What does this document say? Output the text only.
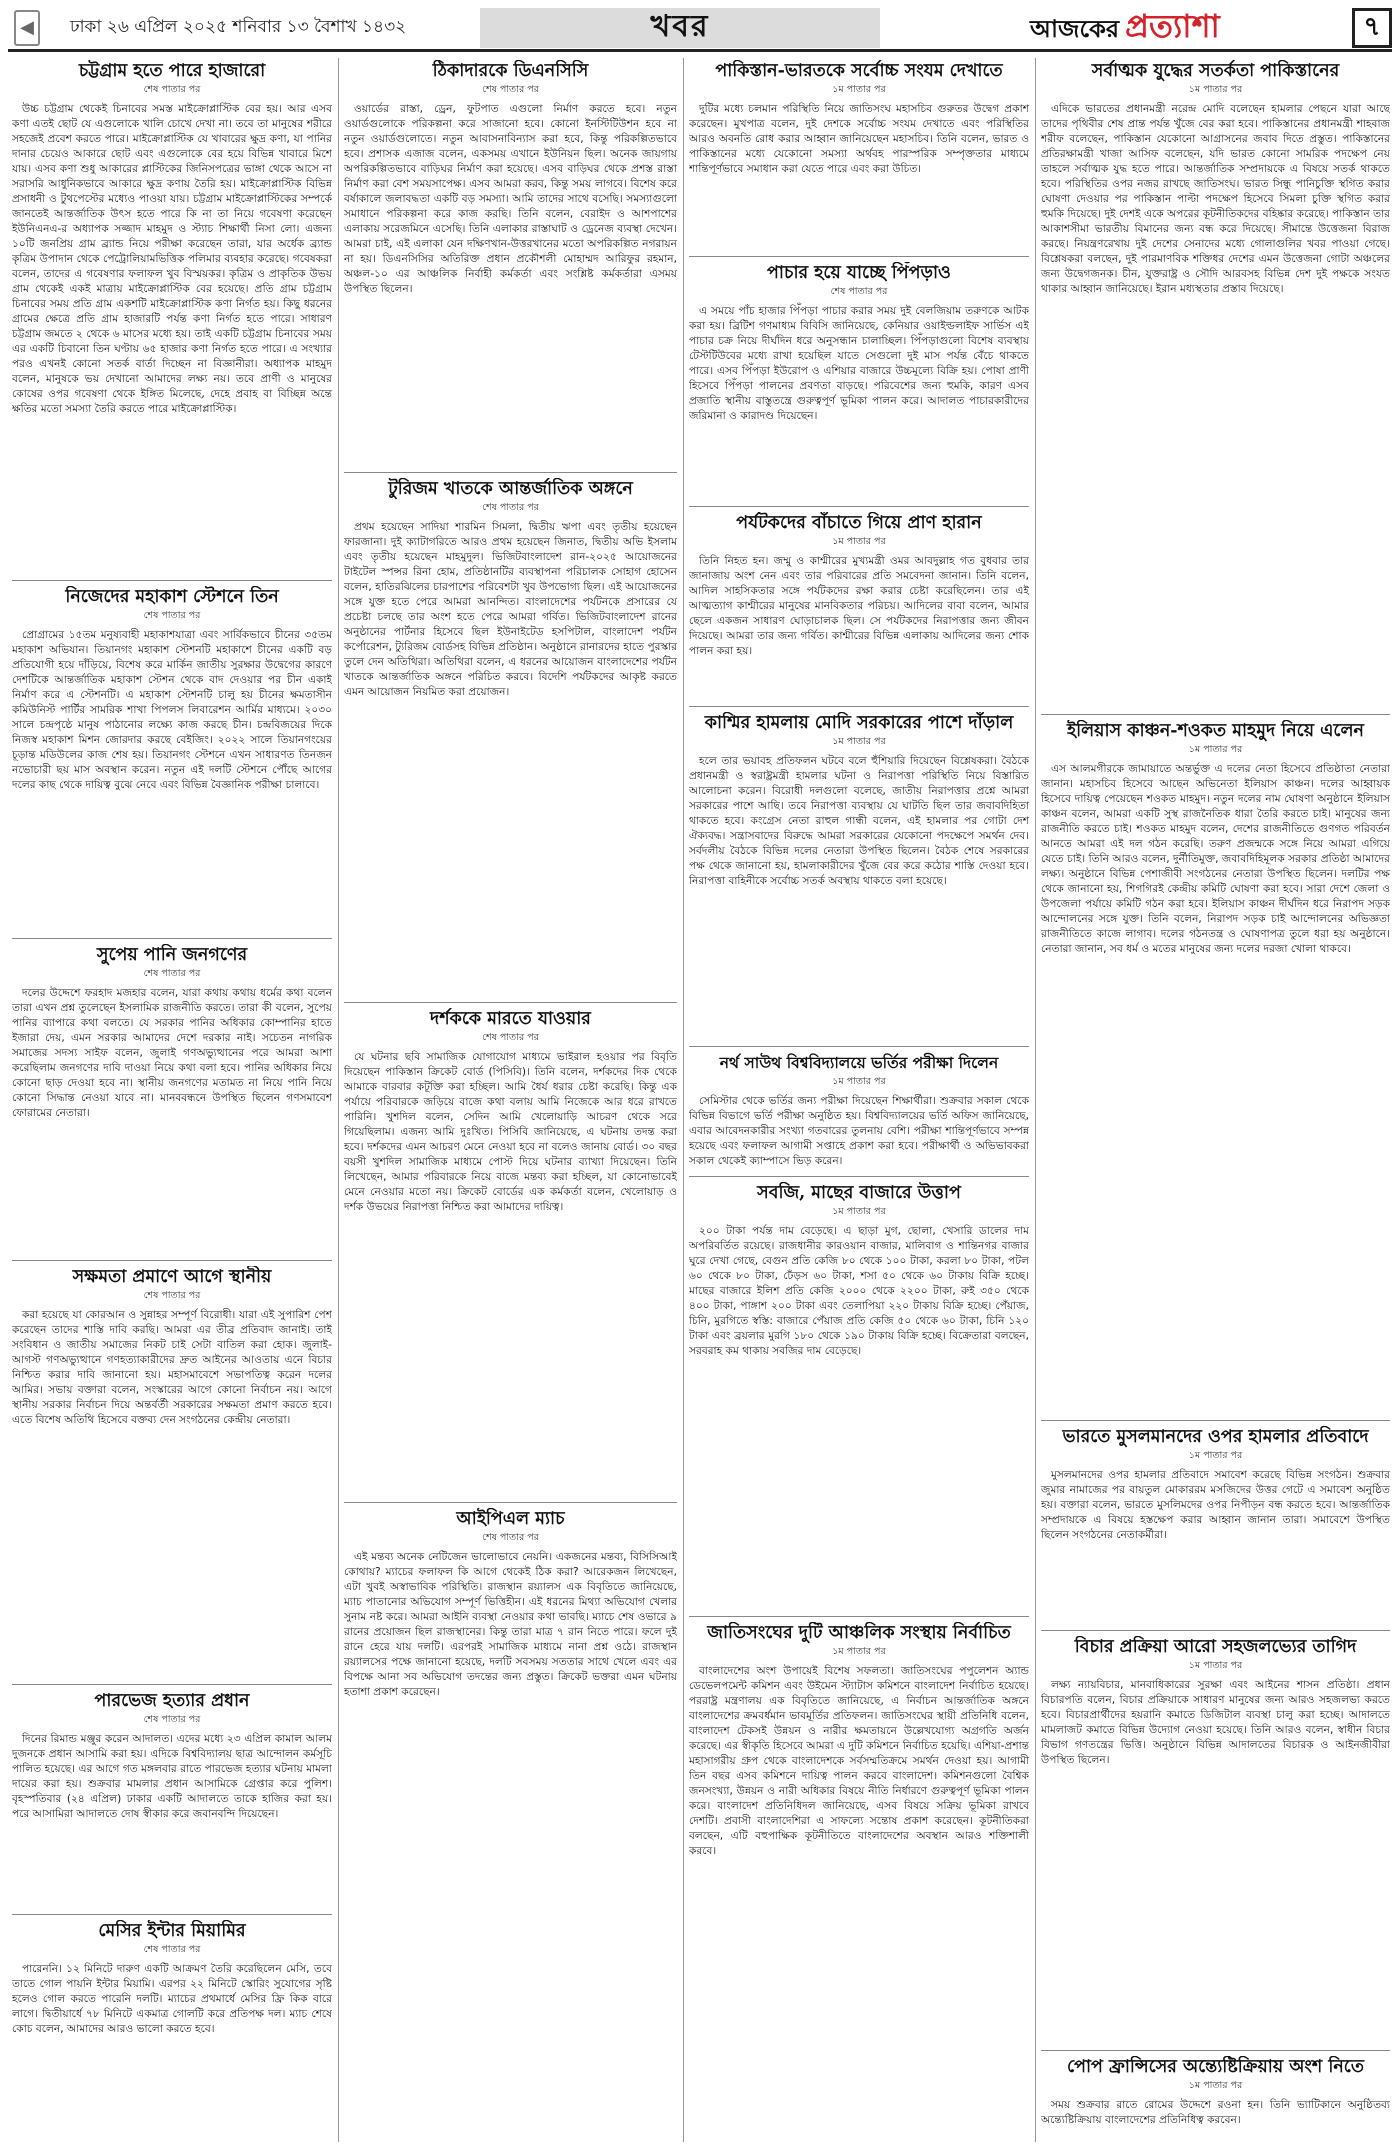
◀	ঢাকা ২৬ এপ্রিল ২০২৫ শনিবার ১৩ বৈশাখ ১৪৩২	খবর	আজকের প্রত্যাশা	৭
চট্টগ্রাম হতে পারে হাজারো
শেষ পাতার পর

উচ্চ চট্টগ্রাম থেকেই চিনাবের সমস্ত মাইক্রোপ্লাস্টিক বের হয়। আর এসব কণা এতই ছোট যে এগুলোকে খালি চোখে দেখা না। তবে তা মানুষের শরীরে সহজেই প্রবেশ করতে পারে। মাইক্রোপ্লাস্টিক যে খাবারের ক্ষুদ্র কণা, যা পানির দানার চেয়েও আকারে ছোট এবং এগুলোকে বের হয়ে বিভিন্ন খাবারে মিশে যায়। এসব কণা শুধু আকারের প্লাস্টিকের জিনিসপত্রের ভাঙ্গা থেকে আসে না সরাসরি আধুনিকভাবে আকারে ক্ষুদ্র কণায় তৈরি হয়। মাইক্রোপ্লাস্টিক বিভিন্ন প্রসাধনী ও টুথপেস্টের মধ্যেও পাওয়া যায়। চট্টগ্রাম মাইক্রোপ্লাস্টিকের সম্পর্কে জানতেই আন্তর্জাতিক উৎস হতে পারে কি না তা নিয়ে গবেষণা করেছেন ইউনিএনএ-র অধ্যাপক সজ্জাদ মাহমুদ ও স্ট্যাচ শিক্ষার্থী নিসা লো। এজন্য ১০টি জনপ্রিয় গ্রাম ব্র্যান্ড নিয়ে পরীক্ষা করেছেন তারা, যার অর্ধেক ব্র্যান্ড কৃত্রিম উপাদান থেকে পেট্রোলিয়ামভিত্তিক পলিমার ব্যবহার করেছে। গবেষকরা বলেন, তাদের এ গবেষণার ফলাফল খুব বিস্ময়কর। কৃত্রিম ও প্রাকৃতিক উভয় গ্রাম থেকেই একই মাত্রায় মাইক্রোপ্লাস্টিক বের হয়েছে। প্রতি গ্রাম চট্টগ্রাম চিনাবের সময় প্রতি গ্রাম একশটি মাইক্রোপ্লাস্টিক কণা নির্গত হয়। কিছু ধরনের গ্রামের ক্ষেত্রে প্রতি গ্রাম হাজারটি পর্যন্ত কণা নির্গত হতে পারে। সাধারণ চট্টগ্রাম জমতে ২ থেকে ৬ মাসের মধ্যে হয়। তাই একটি চট্টগ্রাম চিনাবের সময় এর একটি চিবানো তিন ঘণ্টায় ৬৫ হাজার কণা নির্গত হতে পারে। এ সংখ্যার পরও এখনই কোনো সতর্ক বার্তা দিচ্ছেন না বিজ্ঞানীরা। অধ্যাপক মাহমুদ বলেন, মানুষকে ভয় দেখানো আমাদের লক্ষ্য নয়। তবে প্রাণী ও মানুষের কোষের ওপর গবেষণা থেকে ইঙ্গিত মিলেছে, দেহে প্রবাহ বা বিচ্ছিন্ন অন্তে ক্ষতির মতো সমস্যা তৈরি করতে পারে মাইক্রোপ্লাস্টিক।

নিজেদের মহাকাশ স্টেশনে তিন
শেষ পাতার পর

প্রোগ্রামের ১৫তম মনুষ্যবাহী মহাকাশযাত্রা এবং সার্বিকভাবে চীনের ৩৫তম মহাকাশ অভিযান। তিয়ানগং মহাকাশ স্টেশনটি মহাকাশে চীনের একটি বড় প্রতিযোগী হয়ে দাঁড়িয়ে, বিশেষ করে মার্কিন জাতীয় সুরক্ষার উদ্বেগের কারণে দেশটিকে আন্তর্জাতিক মহাকাশ স্টেশন থেকে বাদ দেওয়ার পর চীন একাই নির্মাণ করে এ স্টেশনটি। এ মহাকাশ স্টেশনটি চালু হয় চীনের ক্ষমতাসীন কমিউনিস্ট পার্টির সামরিক শাখা পিপলস লিবারেশন আর্মির মাধ্যমে। ২০৩০ সালে চন্দ্রপৃষ্ঠে মানুষ পাঠানোর লক্ষ্যে কাজ করছে চীন। চন্দ্রবিজয়ের দিকে নিজস্ব মহাকাশ মিশন জোরদার করছে বেইজিং। ২০২২ সালে তিয়ানগংয়ের চূড়ান্ত মডিউলের কাজ শেষ হয়। তিয়ানগং স্টেশনে এখন সাধারণত তিনজন নভোচারী ছয় মাস অবস্থান করেন। নতুন এই দলটি স্টেশনে পৌঁছে আগের দলের কাছ থেকে দায়িত্ব বুঝে নেবে এবং বিভিন্ন বৈজ্ঞানিক পরীক্ষা চালাবে।

সুপেয় পানি জনগণের
শেষ পাতার পর

দলের উদ্দেশে ফরহাদ মজহার বলেন, যারা কথায় কথায় ধর্মের কথা বলেন তারা এখন প্রশ্ন তুলেছেন ইসলামিক রাজনীতি করতে। তারা কী বলেন, সুপেয় পানির ব্যাপারে কথা বলতে। যে সরকার পানির অধিকার কোম্পানির হাতে ইজারা দেয়, এমন সরকার আমাদের দেশে দরকার নাই। সচেতন নাগরিক সমাজের সদস্য সাইফ বলেন, জুলাই গণঅভ্যুত্থানের পরে আমরা আশা করেছিলাম জনগণের দাবি দাওয়া নিয়ে কথা বলা হবে। পানির অধিকার নিয়ে কোনো ছাড় দেওয়া হবে না। স্থানীয় জনগণের মতামত না নিয়ে পানি নিয়ে কোনো সিদ্ধান্ত নেওয়া যাবে না। মানববন্ধনে উপস্থিত ছিলেন গণসমাবেশ ফোরামের নেতারা।

সক্ষমতা প্রমাণে আগে স্থানীয়
শেষ পাতার পর

করা হয়েছে যা কোরআন ও সুন্নাহর সম্পূর্ণ বিরোধী। যারা এই সুপারিশ পেশ করেছেন তাদের শাস্তি দাবি করছি। আমরা এর তীব্র প্রতিবাদ জানাই। তাই সংবিধান ও জাতীয় সমাজের নিকট চাই সেটা বাতিল করা হোক। জুলাই-আগস্ট গণঅভ্যুত্থানে গণহত্যাকারীদের দ্রুত আইনের আওতায় এনে বিচার নিশ্চিত করার দাবি জানানো হয়। মহাসমাবেশে সভাপতিত্ব করেন দলের আমির। সভায় বক্তারা বলেন, সংস্কারের আগে কোনো নির্বাচন নয়। আগে স্থানীয় সরকার নির্বাচন দিয়ে অন্তর্বর্তী সরকারের সক্ষমতা প্রমাণ করতে হবে। এতে বিশেষ অতিথি হিসেবে বক্তব্য দেন সংগঠনের কেন্দ্রীয় নেতারা।

পারভেজ হত্যার প্রধান
শেষ পাতার পর

দিনের রিমান্ড মঞ্জুর করেন আদালত। এদের মধ্যে ২৩ এপ্রিল কামাল আলম দুজনকে প্রধান আসামি করা হয়। এদিকে বিশ্ববিদ্যালয় ছাত্র আন্দোলন কর্মসূচি পালিত হয়েছে। এর আগে গত মঙ্গলবার রাতে পারভেজ হত্যার ঘটনায় মামলা দায়ের করা হয়। শুক্রবার মামলার প্রধান আসামিকে গ্রেপ্তার করে পুলিশ। বৃহস্পতিবার (২৪ এপ্রিল) ঢাকার একটি আদালতে তাকে হাজির করা হয়। পরে আসামিরা আদালতে দোষ স্বীকার করে জবানবন্দি দিয়েছেন।

মেসির ইন্টার মিয়ামির
শেষ পাতার পর

পারেননি। ১২ মিনিটে দারুণ একটি আক্রমণ তৈরি করেছিলেন মেসি, তবে তাতে গোল পায়নি ইন্টার মিয়ামি। এরপর ২২ মিনিটে স্কোরিং সুযোগের সৃষ্টি হলেও গোল করতে পারেনি দলটি। ম্যাচের প্রথমার্ধে মেসির ফ্রি কিক বারে লাগে। দ্বিতীয়ার্ধে ৭৮ মিনিটে একমাত্র গোলটি করে প্রতিপক্ষ দল। ম্যাচ শেষে কোচ বলেন, আমাদের আরও ভালো করতে হবে।

ঠিকাদারকে ডিএনসিসি
শেষ পাতার পর

ওয়ার্ডের রাস্তা, ড্রেন, ফুটপাত এগুলো নির্মাণ করতে হবে। নতুন ওয়ার্ডগুলোকে পরিকল্পনা করে সাজানো হবে। কোনো ইনস্টিটিউশন হবে না নতুন ওয়ার্ডগুলোতে। নতুন আবাসনাবিন্যাস করা হবে, কিন্তু পরিকল্পিতভাবে হবে। প্রশাসক এজাজ বলেন, একসময় এখানে ইউনিয়ন ছিল। অনেক জায়গায় অপরিকল্পিতভাবে বাড়িঘর নির্মাণ করা হয়েছে। এসব বাড়িঘর থেকে প্রশস্ত রাস্তা নির্মাণ করা বেশ সময়সাপেক্ষ। এসব আমরা করব, কিন্তু সময় লাগবে। বিশেষ করে বর্ষাকালে জলাবদ্ধতা একটি বড় সমস্যা। আমি তাদের সাথে বসেছি। সমস্যাগুলো সমাধানে পরিকল্পনা করে কাজ করছি। তিনি বলেন, বেরাইদ ও আশপাশের এলাকায় সরেজমিনে এসেছি। তিনি এলাকার রাস্তাঘাট ও ড্রেনেজ ব্যবস্থা দেখেন। আমরা চাই, এই এলাকা যেন দক্ষিণখান-উত্তরখানের মতো অপরিকল্পিত নগরায়ন না হয়। ডিএনসিসির অতিরিক্ত প্রধান প্রকৌশলী মোহাম্মদ আরিফুর রহমান, অঞ্চল-১০ এর আঞ্চলিক নির্বাহী কর্মকর্তা এবং সংশ্লিষ্ট কর্মকর্তারা এসময় উপস্থিত ছিলেন।

টুরিজম খাতকে আন্তর্জাতিক অঙ্গনে
শেষ পাতার পর

প্রথম হয়েছেন সাদিয়া শারমিন সিমলা, দ্বিতীয় ঋপা এবং তৃতীয় হয়েছেন ফারজানা। দুই ক্যাটাগরিতে আরও প্রথম হয়েছেন জিনাত, দ্বিতীয় অভি ইসলাম এবং তৃতীয় হয়েছেন মাহমুদুল। ভিজিটবাংলাদেশ রান-২০২৫ আয়োজনের টাইটেল স্পন্সর রিনা হোম, প্রতিষ্ঠানটির ব্যবস্থাপনা পরিচালক সোহাগ হোসেন বলেন, হাতিরঝিলের চারপাশের পরিবেশটা খুব উপভোগ্য ছিল। এই আয়োজনের সঙ্গে যুক্ত হতে পেরে আমরা আনন্দিত। বাংলাদেশের পর্যটনকে প্রসারের যে প্রচেষ্টা চলছে তার অংশ হতে পেরে আমরা গর্বিত। ভিজিটবাংলাদেশ রানের অনুষ্ঠানের পার্টনার হিসেবে ছিল ইউনাইটেড হসপিটাল, বাংলাদেশ পর্যটন কর্পোরেশন, ট্যুরিজম বোর্ডসহ বিভিন্ন প্রতিষ্ঠান। অনুষ্ঠানে রানারদের হাতে পুরস্কার তুলে দেন অতিথিরা। অতিথিরা বলেন, এ ধরনের আয়োজন বাংলাদেশের পর্যটন খাতকে আন্তর্জাতিক অঙ্গনে পরিচিত করবে। বিদেশি পর্যটকদের আকৃষ্ট করতে এমন আয়োজন নিয়মিত করা প্রয়োজন।

দর্শককে মারতে যাওয়ার
শেষ পাতার পর

যে ঘটনার ছবি সামাজিক যোগাযোগ মাধ্যমে ভাইরাল হওয়ার পর বিবৃতি দিয়েছেন পাকিস্তান ক্রিকেট বোর্ড (পিসিবি)। তিনি বলেন, দর্শকদের দিক থেকে আমাকে বারবার কটূক্তি করা হচ্ছিল। আমি ধৈর্য ধরার চেষ্টা করেছি। কিন্তু এক পর্যায়ে পরিবারকে জড়িয়ে বাজে কথা বলায় আমি নিজেকে আর ধরে রাখতে পারিনি। খুশদিল বলেন, সেদিন আমি খেলোয়াড়ি আচরণ থেকে সরে গিয়েছিলাম। এজন্য আমি দুঃখিত। পিসিবি জানিয়েছে, এ ঘটনায় তদন্ত করা হবে। দর্শকদের এমন আচরণ মেনে নেওয়া হবে না বলেও জানায় বোর্ড। ৩০ বছর বয়সী খুশদিল সামাজিক মাধ্যমে পোস্ট দিয়ে ঘটনার ব্যাখ্যা দিয়েছেন। তিনি লিখেছেন, আমার পরিবারকে নিয়ে বাজে মন্তব্য করা হচ্ছিল, যা কোনোভাবেই মেনে নেওয়ার মতো নয়। ক্রিকেট বোর্ডের এক কর্মকর্তা বলেন, খেলোয়াড় ও দর্শক উভয়ের নিরাপত্তা নিশ্চিত করা আমাদের দায়িত্ব।

আইপিএল ম্যাচ
শেষ পাতার পর

এই মন্তব্য অনেক নেটিজেন ভালোভাবে নেয়নি। একজনের মন্তব্য, বিসিসিআই কোথায়? ম্যাচের ফলাফল কি আগে থেকেই ঠিক করা? আরেকজন লিখেছেন, এটা খুবই অস্বাভাবিক পরিস্থিতি। রাজস্থান রয়্যালস এক বিবৃতিতে জানিয়েছে, ম্যাচ পাতানোর অভিযোগ সম্পূর্ণ ভিত্তিহীন। এই ধরনের মিথ্যা অভিযোগ খেলার সুনাম নষ্ট করে। আমরা আইনি ব্যবস্থা নেওয়ার কথা ভাবছি। ম্যাচে শেষ ওভারে ৯ রানের প্রয়োজন ছিল রাজস্থানের। কিন্তু তারা মাত্র ৭ রান নিতে পারে। ফলে দুই রানে হেরে যায় দলটি। এরপরই সামাজিক মাধ্যমে নানা প্রশ্ন ওঠে। রাজস্থান রয়্যালসের পক্ষে জানানো হয়েছে, দলটি সবসময় সততার সাথে খেলে এবং এর বিপক্ষে আনা সব অভিযোগ তদন্তের জন্য প্রস্তুত। ক্রিকেট ভক্তরা এমন ঘটনায় হতাশা প্রকাশ করেছেন।

পাকিস্তান-ভারতকে সর্বোচ্চ সংযম দেখাতে
১ম পাতার পর

দুটির মধ্যে চলমান পরিস্থিতি নিয়ে জাতিসংঘ মহাসচিব গুরুতর উদ্বেগ প্রকাশ করেছেন। মুখপাত্র বলেন, দুই দেশকে সর্বোচ্চ সংযম দেখাতে এবং পরিস্থিতির আরও অবনতি রোধ করার আহ্বান জানিয়েছেন মহাসচিব। তিনি বলেন, ভারত ও পাকিস্তানের মধ্যে যেকোনো সমস্যা অর্থবহ পারস্পরিক সম্পৃক্ততার মাধ্যমে শান্তিপূর্ণভাবে সমাধান করা যেতে পারে এবং করা উচিত।

পাচার হয়ে যাচ্ছে পিঁপড়াও
শেষ পাতার পর

এ সময়ে পাঁচ হাজার পিঁপড়া পাচার করার সময় দুই বেলজিয়াম তরুণকে আটক করা হয়। ব্রিটিশ গণমাধ্যম বিবিসি জানিয়েছে, কেনিয়ার ওয়াইল্ডলাইফ সার্ভিস এই পাচার চক্র নিয়ে দীর্ঘদিন ধরে অনুসন্ধান চালাচ্ছিল। পিঁপড়াগুলো বিশেষ ব্যবস্থায় টেস্টটিউবের মধ্যে রাখা হয়েছিল যাতে সেগুলো দুই মাস পর্যন্ত বেঁচে থাকতে পারে। এসব পিঁপড়া ইউরোপ ও এশিয়ার বাজারে উচ্চমূল্যে বিক্রি হয়। পোষা প্রাণী হিসেবে পিঁপড়া পালনের প্রবণতা বাড়ছে। পরিবেশের জন্য হুমকি, কারণ এসব প্রজাতি স্থানীয় বাস্তুতন্ত্রে গুরুত্বপূর্ণ ভূমিকা পালন করে। আদালত পাচারকারীদের জরিমানা ও কারাদণ্ড দিয়েছেন।

পর্যটকদের বাঁচাতে গিয়ে প্রাণ হারান
১ম পাতার পর

তিনি নিহত হন। জম্মু ও কাশ্মীরের মুখ্যমন্ত্রী ওমর আবদুল্লাহ গত বুধবার তার জানাজায় অংশ নেন এবং তার পরিবারের প্রতি সমবেদনা জানান। তিনি বলেন, আদিল সাহসিকতার সঙ্গে পর্যটকদের রক্ষা করার চেষ্টা করেছিলেন। তার এই আত্মত্যাগ কাশ্মীরের মানুষের মানবিকতার পরিচয়। আদিলের বাবা বলেন, আমার ছেলে একজন সাধারণ ঘোড়াচালক ছিল। সে পর্যটকদের নিরাপত্তার জন্য জীবন দিয়েছে। আমরা তার জন্য গর্বিত। কাশ্মীরের বিভিন্ন এলাকায় আদিলের জন্য শোক পালন করা হয়।

কাশ্মির হামলায় মোদি সরকারের পাশে দাঁড়াল
১ম পাতার পর

হলে তার ভয়াবহ প্রতিফলন ঘটবে বলে হুঁশিয়ারি দিয়েছেন বিশ্লেষকরা। বৈঠকে প্রধানমন্ত্রী ও স্বরাষ্ট্রমন্ত্রী হামলার ঘটনা ও নিরাপত্তা পরিস্থিতি নিয়ে বিস্তারিত আলোচনা করেন। বিরোধী দলগুলো বলেছে, জাতীয় নিরাপত্তার প্রশ্নে আমরা সরকারের পাশে আছি। তবে নিরাপত্তা ব্যবস্থায় যে ঘাটতি ছিল তার জবাবদিহিতা থাকতে হবে। কংগ্রেস নেতা রাহুল গান্ধী বলেন, এই হামলার পর গোটা দেশ ঐক্যবদ্ধ। সন্ত্রাসবাদের বিরুদ্ধে আমরা সরকারের যেকোনো পদক্ষেপে সমর্থন দেব। সর্বদলীয় বৈঠকে বিভিন্ন দলের নেতারা উপস্থিত ছিলেন। বৈঠক শেষে সরকারের পক্ষ থেকে জানানো হয়, হামলাকারীদের খুঁজে বের করে কঠোর শাস্তি দেওয়া হবে। নিরাপত্তা বাহিনীকে সর্বোচ্চ সতর্ক অবস্থায় থাকতে বলা হয়েছে।

নর্থ সাউথ বিশ্ববিদ্যালয়ে ভর্তির পরীক্ষা দিলেন
১ম পাতার পর

সেমিস্টার থেকে ভর্তির জন্য পরীক্ষা দিয়েছেন শিক্ষার্থীরা। শুক্রবার সকাল থেকে বিভিন্ন বিভাগে ভর্তি পরীক্ষা অনুষ্ঠিত হয়। বিশ্ববিদ্যালয়ের ভর্তি অফিস জানিয়েছে, এবার আবেদনকারীর সংখ্যা গতবারের তুলনায় বেশি। পরীক্ষা শান্তিপূর্ণভাবে সম্পন্ন হয়েছে এবং ফলাফল আগামী সপ্তাহে প্রকাশ করা হবে। পরীক্ষার্থী ও অভিভাবকরা সকাল থেকেই ক্যাম্পাসে ভিড় করেন।

সবজি, মাছের বাজারে উত্তাপ
১ম পাতার পর

২০০ টাকা পর্যন্ত দাম বেড়েছে। এ ছাড়া মুগ, ছোলা, খেসারি ডালের দাম অপরিবর্তিত রয়েছে। রাজধানীর কারওয়ান বাজার, মালিবাগ ও শান্তিনগর বাজার ঘুরে দেখা গেছে, বেগুন প্রতি কেজি ৮০ থেকে ১০০ টাকা, করলা ৮০ টাকা, পটল ৬০ থেকে ৮০ টাকা, ঢেঁড়স ৬০ টাকা, শসা ৫০ থেকে ৬০ টাকায় বিক্রি হচ্ছে। মাছের বাজারে ইলিশ প্রতি কেজি ২০০০ থেকে ২২০০ টাকা, রুই ৩৫০ থেকে ৪০০ টাকা, পাঙ্গাশ ২০০ টাকা এবং তেলাপিয়া ২২০ টাকায় বিক্রি হচ্ছে। পেঁয়াজ, চিনি, মুরগিতে স্বস্তি: বাজারে পেঁয়াজ প্রতি কেজি ৫০ থেকে ৬০ টাকা, চিনি ১২০ টাকা এবং ব্রয়লার মুরগি ১৮০ থেকে ১৯০ টাকায় বিক্রি হচ্ছে। বিক্রেতারা বলছেন, সরবরাহ কম থাকায় সবজির দাম বেড়েছে।

জাতিসংঘের দুটি আঞ্চলিক সংস্থায় নির্বাচিত
১ম পাতার পর

বাংলাদেশের অংশ উপায়েই বিশেষ সফলতা। জাতিসংঘের পপুলেশন অ্যান্ড ডেভেলপমেন্ট কমিশন এবং উইমেন স্ট্যাটাস কমিশনে বাংলাদেশ নির্বাচিত হয়েছে। পররাষ্ট্র মন্ত্রণালয় এক বিবৃতিতে জানিয়েছে, এ নির্বাচন আন্তর্জাতিক অঙ্গনে বাংলাদেশের ক্রমবর্ধমান ভাবমূর্তির প্রতিফলন। জাতিসংঘের স্থায়ী প্রতিনিধি বলেন, বাংলাদেশ টেকসই উন্নয়ন ও নারীর ক্ষমতায়নে উল্লেখযোগ্য অগ্রগতি অর্জন করেছে। এর স্বীকৃতি হিসেবে আমরা এ দুটি কমিশনে নির্বাচিত হয়েছি। এশিয়া-প্রশান্ত মহাসাগরীয় গ্রুপ থেকে বাংলাদেশকে সর্বসম্মতিক্রমে সমর্থন দেওয়া হয়। আগামী তিন বছর এসব কমিশনে দায়িত্ব পালন করবে বাংলাদেশ। কমিশনগুলো বৈশ্বিক জনসংখ্যা, উন্নয়ন ও নারী অধিকার বিষয়ে নীতি নির্ধারণে গুরুত্বপূর্ণ ভূমিকা পালন করে। বাংলাদেশ প্রতিনিধিদল জানিয়েছে, এসব বিষয়ে সক্রিয় ভূমিকা রাখবে দেশটি। প্রবাসী বাংলাদেশিরা এ সাফল্যে সন্তোষ প্রকাশ করেছেন। কূটনীতিকরা বলছেন, এটি বহুপাক্ষিক কূটনীতিতে বাংলাদেশের অবস্থান আরও শক্তিশালী করবে।

সর্বাত্মক যুদ্ধের সতর্কতা পাকিস্তানের
১ম পাতার পর

এদিকে ভারতের প্রধানমন্ত্রী নরেন্দ্র মোদি বলেছেন হামলার পেছনে যারা আছে তাদের পৃথিবীর শেষ প্রান্ত পর্যন্ত খুঁজে বের করা হবে। পাকিস্তানের প্রধানমন্ত্রী শাহবাজ শরীফ বলেছেন, পাকিস্তান যেকোনো আগ্রাসনের জবাব দিতে প্রস্তুত। পাকিস্তানের প্রতিরক্ষামন্ত্রী খাজা আসিফ বলেছেন, যদি ভারত কোনো সামরিক পদক্ষেপ নেয় তাহলে সর্বাত্মক যুদ্ধ হতে পারে। আন্তর্জাতিক সম্প্রদায়কে এ বিষয়ে সতর্ক থাকতে হবে। পরিস্থিতির ওপর নজর রাখছে জাতিসংঘ। ভারত সিন্ধু পানিচুক্তি স্থগিত করার ঘোষণা দেওয়ার পর পাকিস্তান পাল্টা পদক্ষেপ হিসেবে সিমলা চুক্তি স্থগিত করার হুমকি দিয়েছে। দুই দেশই একে অপরের কূটনীতিকদের বহিষ্কার করেছে। পাকিস্তান তার আকাশসীমা ভারতীয় বিমানের জন্য বন্ধ করে দিয়েছে। সীমান্তে উত্তেজনা বিরাজ করছে। নিয়ন্ত্রণরেখায় দুই দেশের সেনাদের মধ্যে গোলাগুলির খবর পাওয়া গেছে। বিশ্লেষকরা বলছেন, দুই পারমাণবিক শক্তিধর দেশের এমন উত্তেজনা গোটা অঞ্চলের জন্য উদ্বেগজনক। চীন, যুক্তরাষ্ট্র ও সৌদি আরবসহ বিভিন্ন দেশ দুই পক্ষকে সংযত থাকার আহ্বান জানিয়েছে। ইরান মধ্যস্থতার প্রস্তাব দিয়েছে।

ইলিয়াস কাঞ্চন-শওকত মাহমুদ নিয়ে এলেন
১ম পাতার পর

এস আলমগীরকে জামায়াতে অন্তর্ভুক্ত এ দলের নেতা হিসেবে প্রতিষ্ঠাতা নেতারা জানান। মহাসচিব হিসেবে আছেন অভিনেতা ইলিয়াস কাঞ্চন। দলের আহ্বায়ক হিসেবে দায়িত্ব পেয়েছেন শওকত মাহমুদ। নতুন দলের নাম ঘোষণা অনুষ্ঠানে ইলিয়াস কাঞ্চন বলেন, আমরা একটি সুস্থ রাজনৈতিক ধারা তৈরি করতে চাই। মানুষের জন্য রাজনীতি করতে চাই। শওকত মাহমুদ বলেন, দেশের রাজনীতিতে গুণগত পরিবর্তন আনতে আমরা এই দল গঠন করেছি। তরুণ প্রজন্মকে সঙ্গে নিয়ে আমরা এগিয়ে যেতে চাই। তিনি আরও বলেন, দুর্নীতিমুক্ত, জবাবদিহিমূলক সরকার প্রতিষ্ঠা আমাদের লক্ষ্য। অনুষ্ঠানে বিভিন্ন পেশাজীবী সংগঠনের নেতারা উপস্থিত ছিলেন। দলটির পক্ষ থেকে জানানো হয়, শিগগিরই কেন্দ্রীয় কমিটি ঘোষণা করা হবে। সারা দেশে জেলা ও উপজেলা পর্যায়ে কমিটি গঠন করা হবে। ইলিয়াস কাঞ্চন দীর্ঘদিন ধরে নিরাপদ সড়ক আন্দোলনের সঙ্গে যুক্ত। তিনি বলেন, নিরাপদ সড়ক চাই আন্দোলনের অভিজ্ঞতা রাজনীতিতে কাজে লাগাব। দলের গঠনতন্ত্র ও ঘোষণাপত্র তুলে ধরা হয় অনুষ্ঠানে। নেতারা জানান, সব ধর্ম ও মতের মানুষের জন্য দলের দরজা খোলা থাকবে।

ভারতে মুসলমানদের ওপর হামলার প্রতিবাদে
১ম পাতার পর

মুসলমানদের ওপর হামলার প্রতিবাদে সমাবেশ করেছে বিভিন্ন সংগঠন। শুক্রবার জুমার নামাজের পর বায়তুল মোকাররম মসজিদের উত্তর গেটে এ সমাবেশ অনুষ্ঠিত হয়। বক্তারা বলেন, ভারতে মুসলিমদের ওপর নিপীড়ন বন্ধ করতে হবে। আন্তর্জাতিক সম্প্রদায়কে এ বিষয়ে হস্তক্ষেপ করার আহ্বান জানান তারা। সমাবেশে উপস্থিত ছিলেন সংগঠনের নেতাকর্মীরা।

বিচার প্রক্রিয়া আরো সহজলভ্যের তাগিদ
১ম পাতার পর

লক্ষ্য ন্যায়বিচার, মানবাধিকারের সুরক্ষা এবং আইনের শাসন প্রতিষ্ঠা। প্রধান বিচারপতি বলেন, বিচার প্রক্রিয়াকে সাধারণ মানুষের জন্য আরও সহজলভ্য করতে হবে। বিচারপ্রার্থীদের হয়রানি কমাতে ডিজিটাল ব্যবস্থা চালু করা হচ্ছে। আদালতে মামলাজট কমাতে বিভিন্ন উদ্যোগ নেওয়া হয়েছে। তিনি আরও বলেন, স্বাধীন বিচার বিভাগ গণতন্ত্রের ভিত্তি। অনুষ্ঠানে বিভিন্ন আদালতের বিচারক ও আইনজীবীরা উপস্থিত ছিলেন।

পোপ ফ্রান্সিসের অন্ত্যেষ্টিক্রিয়ায় অংশ নিতে
১ম পাতার পর

সময় শুক্রবার রাতে রোমের উদ্দেশে রওনা হন। তিনি ভ্যাটিকানে অনুষ্ঠিতব্য অন্ত্যেষ্টিক্রিয়ায় বাংলাদেশের প্রতিনিধিত্ব করবেন।
